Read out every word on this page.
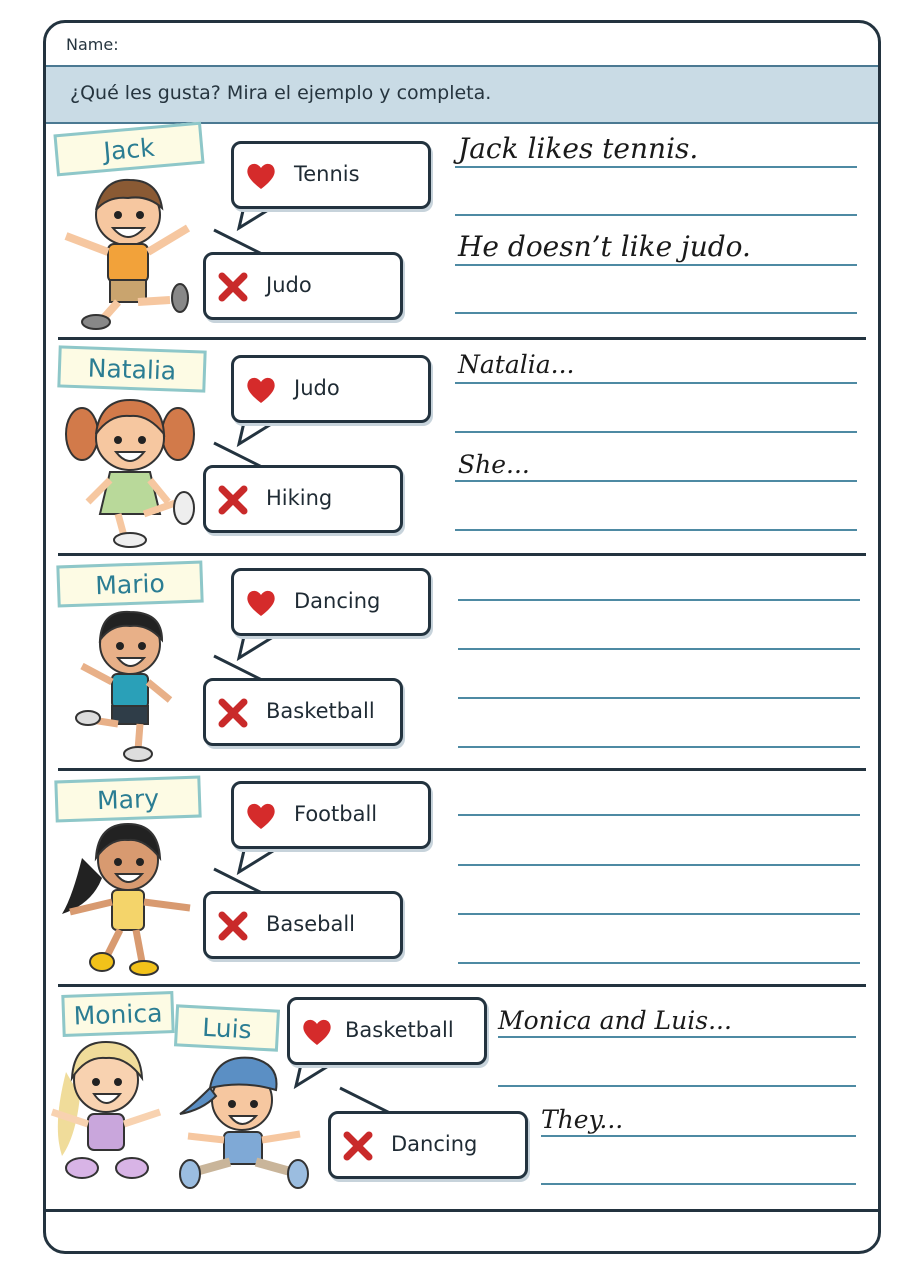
Name:
¿Qué les gusta? Mira el ejemplo y completa.
Jack
Tennis
Judo
Jack likes tennis.
He doesn’t like judo.
Natalia
Judo
Hiking
Natalia...
She...
Mario
Dancing
Basketball
Mary	Football
Baseball
Monica	Luis	Basketball
Dancing
Monica and Luis...
They...
